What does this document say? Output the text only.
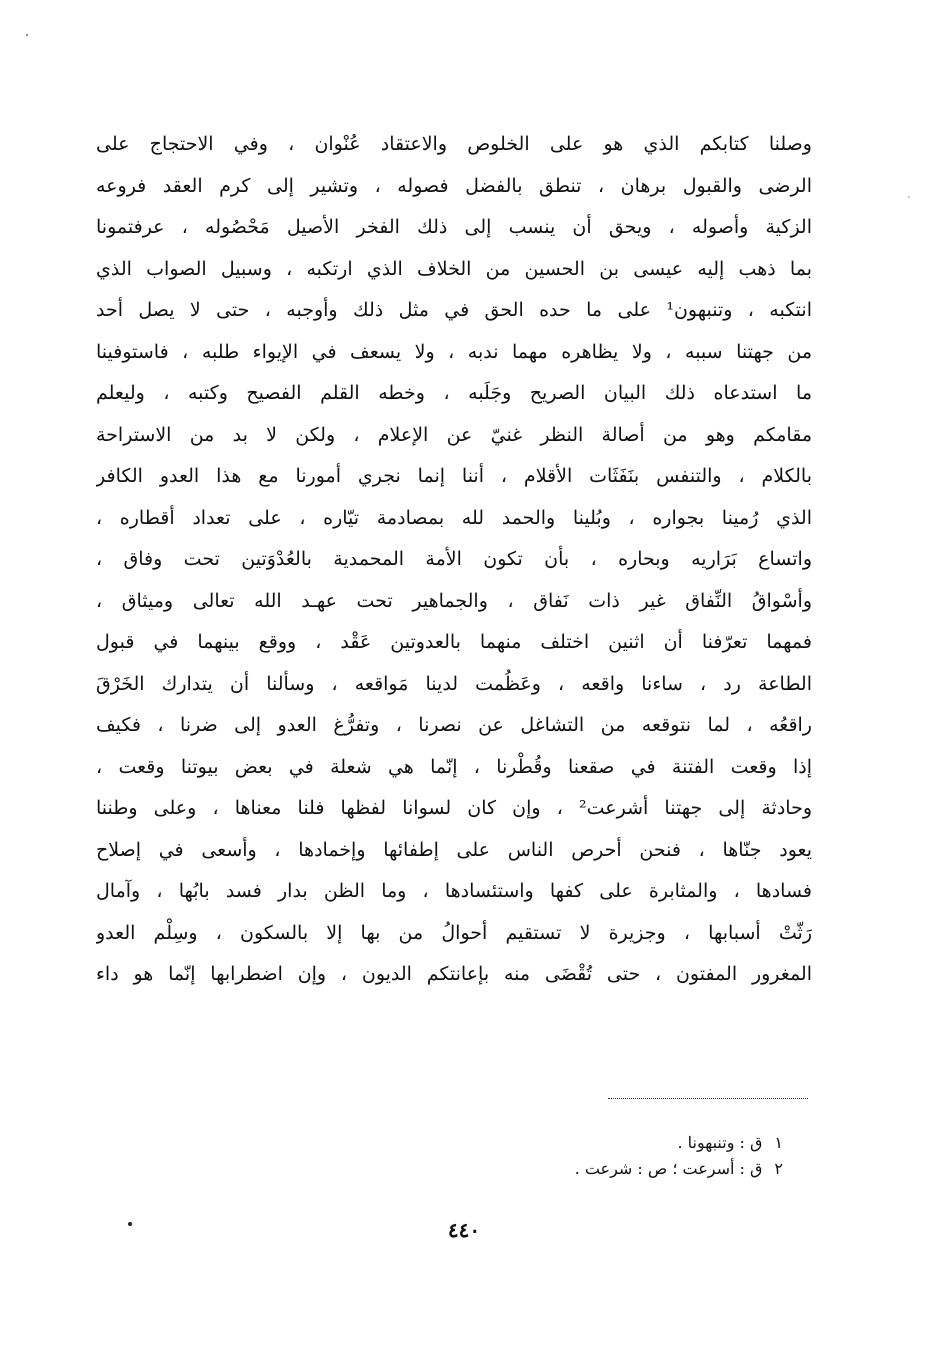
وصلنا كتابكم الذي هو على الخلوص والاعتقاد عُنْوان ، وفي الاحتجاج على
الرضى والقبول برهان ، تنطق بالفضل فصوله ، وتشير إلى كرم العقد فروعه
الزكية وأصوله ، ويحق أن ينسب إلى ذلك الفخر الأصيل مَحْصُوله ، عرفتمونا
بما ذهب إليه عيسى بن الحسين من الخلاف الذي ارتكبه ، وسبيل الصواب الذي
انتكبه ، وتنبهون¹ على ما حده الحق في مثل ذلك وأوجبه ، حتى لا يصل أحد
من جهتنا سببه ، ولا يظاهره مهما ندبه ، ولا يسعف في الإيواء طلبه ، فاستوفينا
ما استدعاه ذلك البيان الصريح وجَلَبه ، وخطه القلم الفصيح وكتبه ، وليعلم
مقامكم وهو من أصالة النظر غنيّ عن الإعلام ، ولكن لا بد من الاستراحة
بالكلام ، والتنفس بنَفَثَات الأقلام ، أننا إنما نجري أمورنا مع هذا العدو الكافر
الذي رُمينا بجواره ، وبُلينا والحمد لله بمصادمة تيّاره ، على تعداد أقطاره ،
واتساع بَرَاريه وبحاره ، بأن تكون الأمة المحمدية بالعُدْوَتين تحت وفاق ،
وأسْواقُ النِّفاق غير ذات نَفاق ، والجماهير تحت عهـد الله تعالى وميثاق ،
فمهما تعرّفنا أن اثنين اختلف منهما بالعدوتين عَقْد ، ووقع بينهما في قبول
الطاعة رد ، ساءنا واقعه ، وعَظُمت لدينا مَواقعه ، وسألنا أن يتدارك الخَرْقَ
راقعُه ، لما نتوقعه من التشاغل عن نصرنا ، وتفرُّغ العدو إلى ضرنا ، فكيف
إذا وقعت الفتنة في صقعنا وقُطْرنا ، إنّما هي شعلة في بعض بيوتنا وقعت ،
وحادثة إلى جهتنا أشرعت² ، وإن كان لسوانا لفظها فلنا معناها ، وعلى وطننا
يعود جنّاها ، فنحن أحرص الناس على إطفائها وإخمادها ، وأسعى في إصلاح
فسادها ، والمثابرة على كفها واستئسادها ، وما الظن بدار فسد بابُها ، وآمال
رَثّتْ أسبابها ، وجزيرة لا تستقيم أحوالُ من بها إلا بالسكون ، وسِلْم العدو
المغرور المفتون ، حتى تُقْضَى منه بإعانتكم الديون ، وإن اضطرابها إنّما هو داء
١ق : وتنبهونا .
٢ق : أسرعت ؛ ص : شرعت .
٤٤٠
